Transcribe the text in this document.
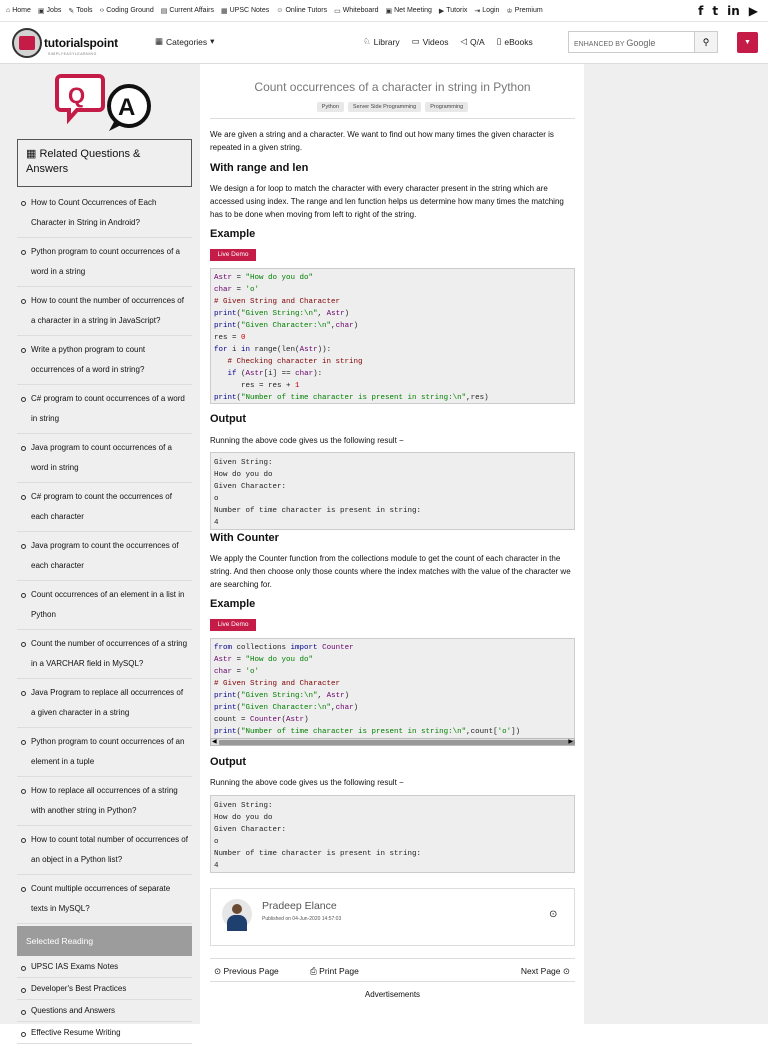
⌂ Home ▣ Jobs ✎ Tools ‹› Coding Ground ▤ Current Affairs ▦ UPSC Notes ☺ Online Tutors ▭ Whiteboard ▣ Net Meeting ▶ Tutorix ⇥ Login ♔ Premium	f t in ▶
tutorialspoint
SIMPLYEASYLEARNING
▦ Categories ▾	♘ Library ▭ Videos ◁ Q/A ▯ eBooks	ENHANCED BY Google	⚲	▼
Q A
▦ Related Questions & Answers
How to Count Occurrences of Each Character in String in Android?
Python program to count occurrences of a word in a string
How to count the number of occurrences of a character in a string in JavaScript?
Write a python program to count occurrences of a word in string?
C# program to count occurrences of a word in string
Java program to count occurrences of a word in string
C# program to count the occurrences of each character
Java program to count the occurrences of each character
Count occurrences of an element in a list in Python
Count the number of occurrences of a string in a VARCHAR field in MySQL?
Java Program to replace all occurrences of a given character in a string
Python program to count occurrences of an element in a tuple
How to replace all occurrences of a string with another string in Python?
How to count total number of occurrences of an object in a Python list?
Count multiple occurrences of separate texts in MySQL?
Selected Reading
UPSC IAS Exams Notes
Developer's Best Practices
Questions and Answers
Effective Resume Writing
Count occurrences of a character in string in Python
Python	Server Side Programming	Programming
We are given a string and a character. We want to find out how many times the given character is repeated in a given string.
With range and len
We design a for loop to match the character with every character present in the string which are accessed using index. The range and len function helps us determine how many times the matching has to be done when moving from left to right of the string.
Example
Live Demo
Astr = "How do you do"
char = 'o'
# Given String and Character
print("Given String:\n", Astr)
print("Given Character:\n",char)
res = 0
for i in range(len(Astr)):
# Checking character in string
if (Astr[i] == char):
res = res + 1
print("Number of time character is present in string:\n",res)
Output
Running the above code gives us the following result −
Given String:
How do you do
Given Character:
o
Number of time character is present in string:
4
With Counter
We apply the Counter function from the collections module to get the count of each character in the string. And then choose only those counts where the index matches with the value of the character we are searching for.
Example
Live Demo
from collections import Counter
Astr = "How do you do"
char = 'o'
# Given String and Character
print("Given String:\n", Astr)
print("Given Character:\n",char)
count = Counter(Astr)
print("Number of time character is present in string:\n",count['o'])
◀	▶
Output
Running the above code gives us the following result −
Given String:
How do you do
Given Character:
o
Number of time character is present in string:
4
Pradeep Elance
Published on 04-Jun-2020 14:57:03	⊙
⊙ Previous Page	⎙ Print Page	Next Page ⊙
Advertisements
